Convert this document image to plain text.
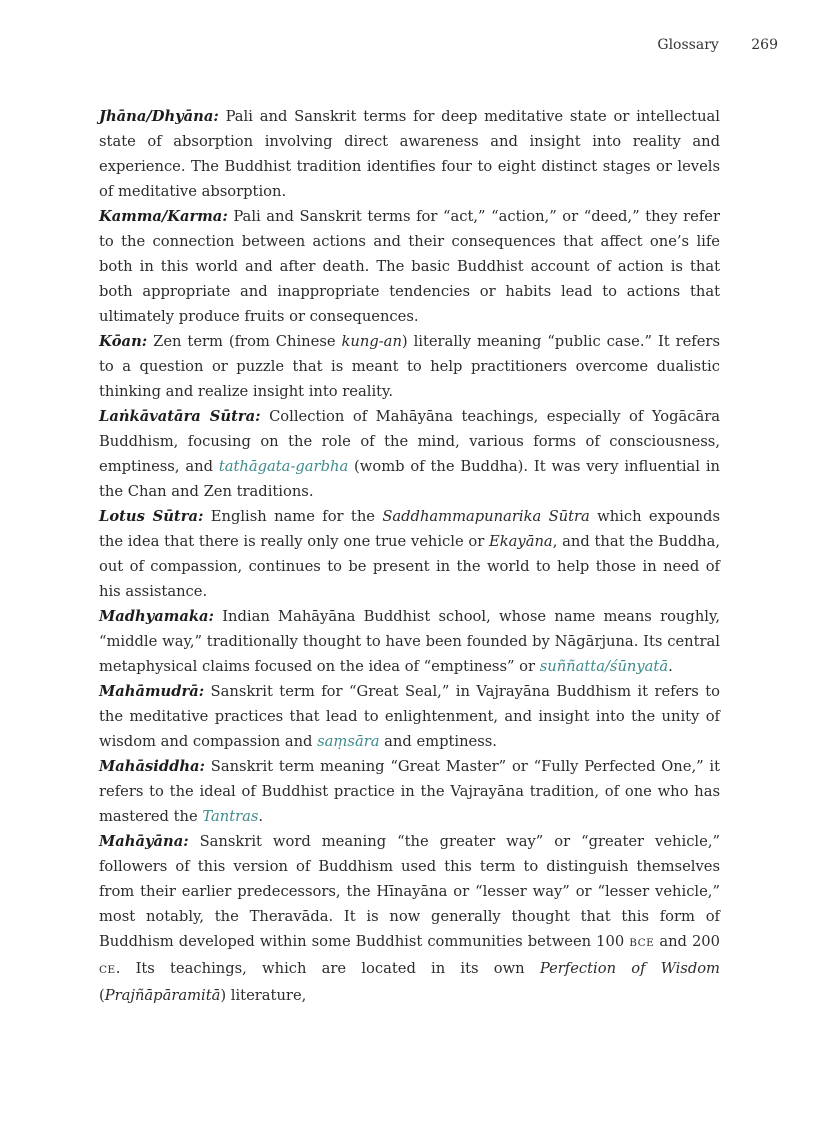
Glossary 269

Jhāna/Dhyāna: Pali and Sanskrit terms for deep meditative state or intellectual state of absorption involving direct awareness and insight into reality and experience. The Buddhist tradition identifies four to eight distinct stages or levels of meditative absorption.

Kamma/Karma: Pali and Sanskrit terms for “act,” “action,” or “deed,” they refer to the connection between actions and their consequences that affect one’s life both in this world and after death. The basic Buddhist account of action is that both appropriate and inappropriate tendencies or habits lead to actions that ultimately produce fruits or consequences.

Kōan: Zen term (from Chinese kung-an) literally meaning “public case.” It refers to a question or puzzle that is meant to help practitioners overcome dualistic thinking and realize insight into reality.

Laṅkāvatāra Sūtra: Collection of Mahāyāna teachings, especially of Yogācāra Buddhism, focusing on the role of the mind, various forms of consciousness, emptiness, and tathāgata-garbha (womb of the Buddha). It was very influential in the Chan and Zen traditions.

Lotus Sūtra: English name for the Saddhammapunarika Sūtra which expounds the idea that there is really only one true vehicle or Ekayāna, and that the Buddha, out of compassion, continues to be present in the world to help those in need of his assistance.

Madhyamaka: Indian Mahāyāna Buddhist school, whose name means roughly, “middle way,” traditionally thought to have been founded by Nāgārjuna. Its central metaphysical claims focused on the idea of “emptiness” or suññatta/śūnyatā.

Mahāmudrā: Sanskrit term for “Great Seal,” in Vajrayāna Buddhism it refers to the meditative practices that lead to enlightenment, and insight into the unity of wisdom and compassion and saṃsāra and emptiness.

Mahāsiddha: Sanskrit term meaning “Great Master” or “Fully Perfected One,” it refers to the ideal of Buddhist practice in the Vajrayāna tradition, of one who has mastered the Tantras.

Mahāyāna: Sanskrit word meaning “the greater way” or “greater vehicle,” followers of this version of Buddhism used this term to distinguish themselves from their earlier predecessors, the Hīnayāna or “lesser way” or “lesser vehicle,” most notably, the Theravāda. It is now generally thought that this form of Buddhism developed within some Buddhist communities between 100 BCE and 200 CE. Its teachings, which are located in its own Perfection of Wisdom (Prajñāpāramitā) literature,
